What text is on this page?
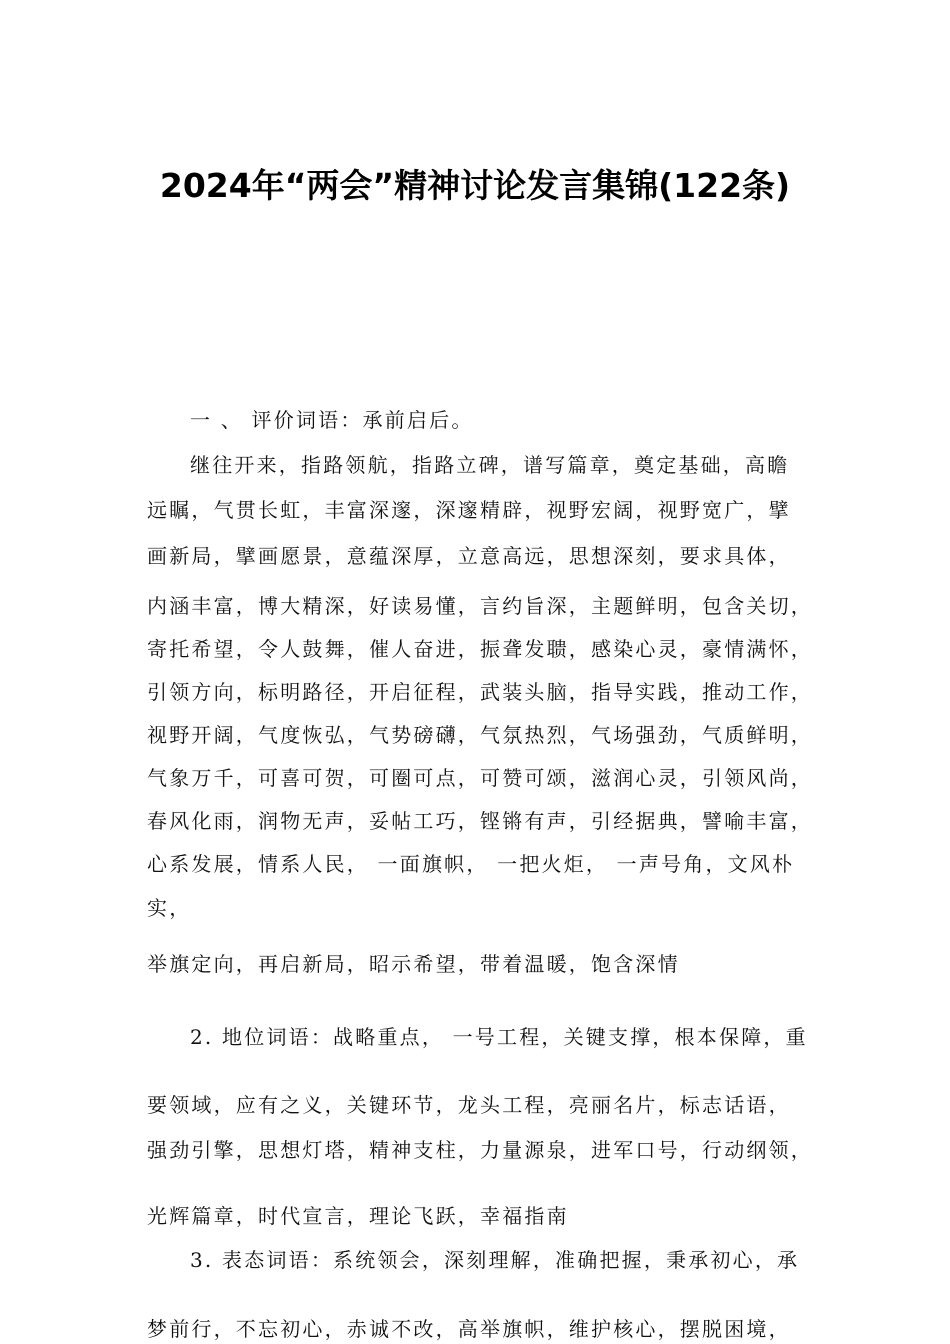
2024年“两会”精神讨论发言集锦(122条)
一 、 评价词语：承前启后。
继往开来，指路领航，指路立碑，谱写篇章，奠定基础，高瞻
远瞩，气贯长虹，丰富深邃，深邃精辟，视野宏阔，视野宽广，擘
画新局，擘画愿景，意蕴深厚，立意高远，思想深刻，要求具体，
内涵丰富，博大精深，好读易懂，言约旨深，主题鲜明，包含关切，
寄托希望，令人鼓舞，催人奋进，振聋发聩，感染心灵，豪情满怀，
引领方向，标明路径，开启征程，武装头脑，指导实践，推动工作，
视野开阔，气度恢弘，气势磅礴，气氛热烈，气场强劲，气质鲜明，
气象万千，可喜可贺，可圈可点，可赞可颂，滋润心灵，引领风尚，
春风化雨，润物无声，妥帖工巧，铿锵有声，引经据典，譬喻丰富，
心系发展，情系人民， 一面旗帜， 一把火炬， 一声号角，文风朴
实，
举旗定向，再启新局，昭示希望，带着温暖，饱含深情
2. 地位词语：战略重点， 一号工程，关键支撑，根本保障，重
要领域，应有之义，关键环节，龙头工程，亮丽名片，标志话语，
强劲引擎，思想灯塔，精神支柱，力量源泉，进军口号，行动纲领，
光辉篇章，时代宣言，理论飞跃，幸福指南
3. 表态词语：系统领会，深刻理解，准确把握，秉承初心，承
梦前行，不忘初心，赤诚不改，高举旗帜，维护核心，摆脱困境，
